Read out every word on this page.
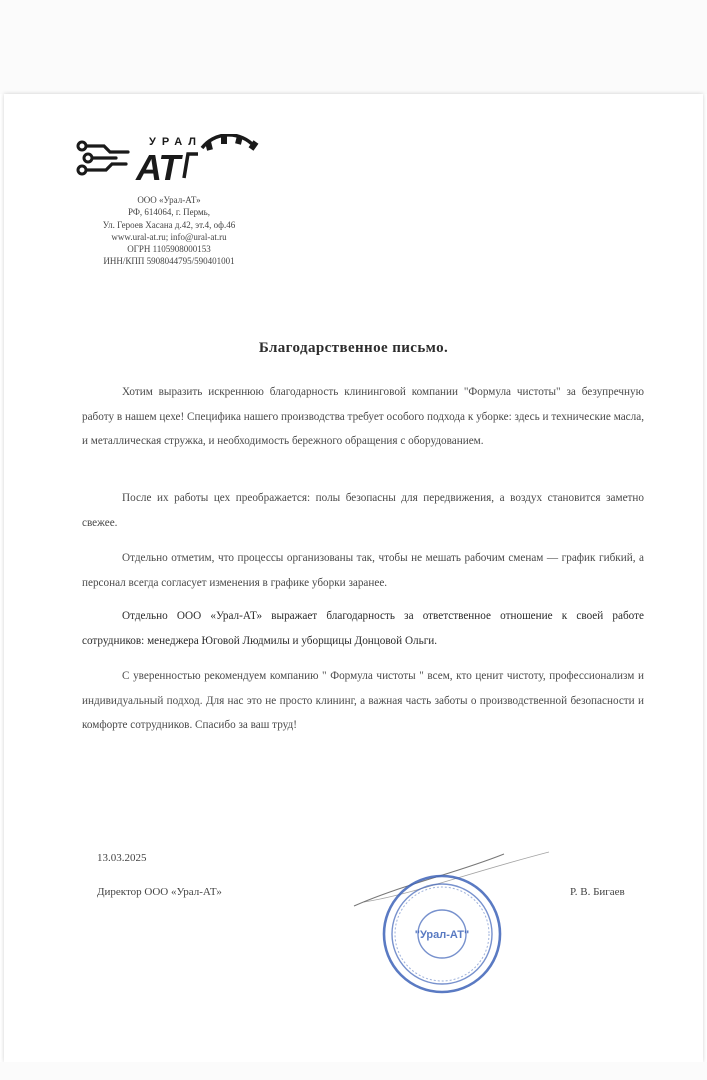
УРАЛ
АТ
ООО «Урал-АТ»
РФ, 614064, г. Пермь,
Ул. Героев Хасана д.42, эт.4, оф.46
www.ural-at.ru; info@ural-at.ru
ОГРН 1105908000153
ИНН/КПП 5908044795/590401001
Благодарственное письмо.

Хотим выразить искреннюю благодарность клининговой компании "Формула чистоты" за безупречную работу в нашем цехе! Специфика нашего производства требует особого подхода к уборке: здесь и технические масла, и металлическая стружка, и необходимость бережного обращения с оборудованием.

После их работы цех преображается: полы безопасны для передвижения, а воздух становится заметно свежее.

Отдельно отметим, что процессы организованы так, чтобы не мешать рабочим сменам — график гибкий, а персонал всегда согласует изменения в графике уборки заранее.

Отдельно ООО «Урал-АТ» выражает благодарность за ответственное отношение к своей работе сотрудников: менеджера Юговой Людмилы и уборщицы Донцовой Ольги.

С уверенностью рекомендуем компанию " Формула чистоты " всем, кто ценит чистоту, профессионализм и индивидуальный подход. Для нас это не просто клининг, а важная часть заботы о производственной безопасности и комфорте сотрудников. Спасибо за ваш труд!

13.03.2025
Директор ООО «Урал-АТ»	Р. В. Бигаев
"Урал-АТ"
